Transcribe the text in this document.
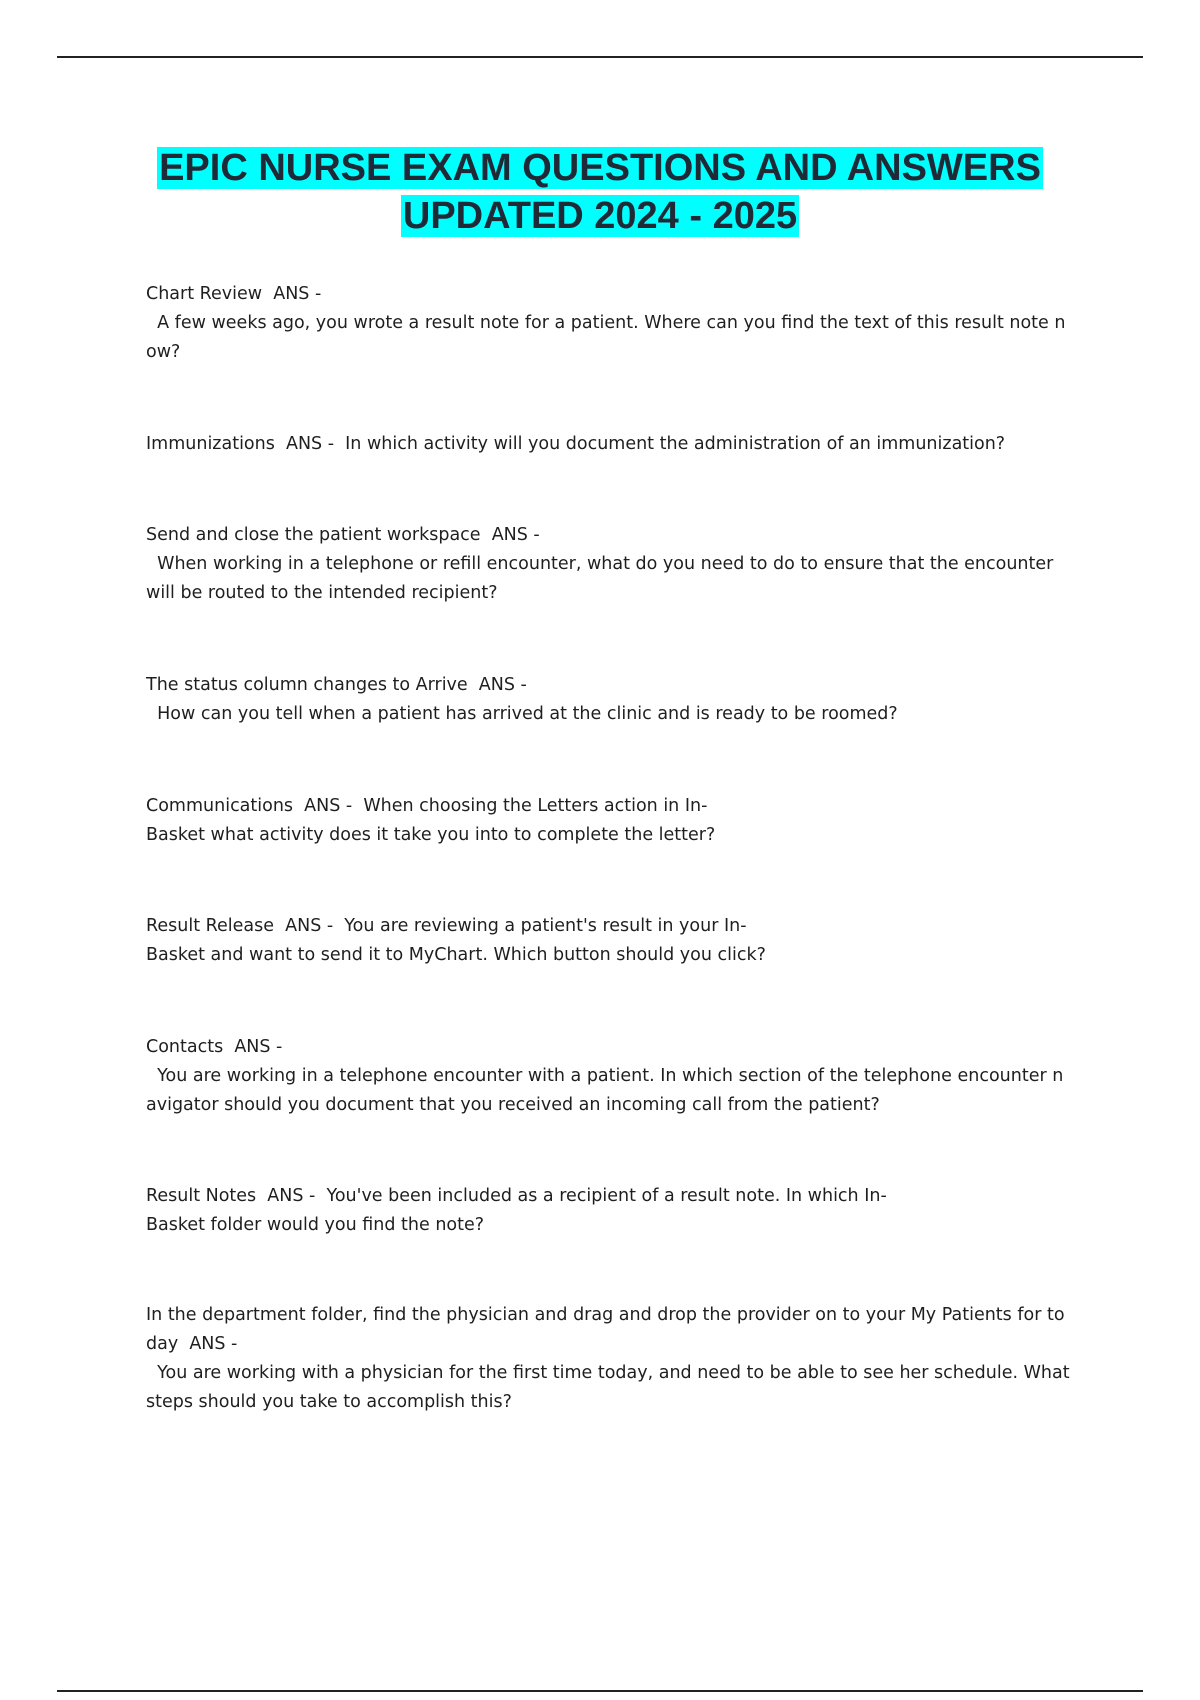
EPIC NURSE EXAM QUESTIONS AND ANSWERS
UPDATED 2024 - 2025
Chart Review  ANS -
A few weeks ago, you wrote a result note for a patient. Where can you find the text of this result note n
ow?
Immunizations  ANS -  In which activity will you document the administration of an immunization?
Send and close the patient workspace  ANS -
When working in a telephone or refill encounter, what do you need to do to ensure that the encounter
will be routed to the intended recipient?
The status column changes to Arrive  ANS -
How can you tell when a patient has arrived at the clinic and is ready to be roomed?
Communications  ANS -  When choosing the Letters action in In-
Basket what activity does it take you into to complete the letter?
Result Release  ANS -  You are reviewing a patient's result in your In-
Basket and want to send it to MyChart. Which button should you click?
Contacts  ANS -
You are working in a telephone encounter with a patient. In which section of the telephone encounter n
avigator should you document that you received an incoming call from the patient?
Result Notes  ANS -  You've been included as a recipient of a result note. In which In-
Basket folder would you find the note?
In the department folder, find the physician and drag and drop the provider on to your My Patients for to
day  ANS -
You are working with a physician for the first time today, and need to be able to see her schedule. What
steps should you take to accomplish this?
